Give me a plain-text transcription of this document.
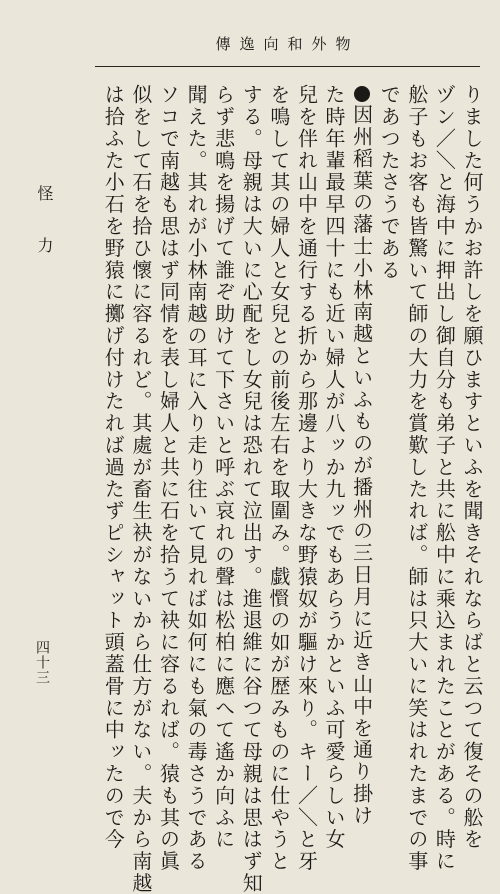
傳逸向和外物
りました何うかお許しを願ひますといふを聞きそれならばと云つて復その舩を
ヅン／＼と海中に押出し御自分も弟子と共に舩中に乘込まれたことがある。時に
舩子もお客も皆驚いて師の大力を賞歎したれば。師は只大いに笑はれたまでの事
であつたさうである
因州稻葉の藩士小林南越といふものが播州の三日月に近き山中を通り掛け
た時年輩最早四十にも近い婦人が八ッか九ッでもあらうかといふ可愛らしい女
兒を伴れ山中を通行する折から那邊より大きな野猿奴が驅け來り。キー／＼と牙
を鳴して其の婦人と女兒との前後左右を取圍み。戯𢤞の如が歴みものに仕やうと
する。母親は大いに心配をし女兒は恐れて泣出す。進退維に谷つて母親は思はず知
らず悲鳴を揚げて誰ぞ助けて下さいと呼ぶ哀れの聲は松柏に應へて遙か向ふに
聞えた。其れが小林南越の耳に入り走り往いて見れば如何にも氣の毒さうである
ソコで南越も思はず同情を表し婦人と共に石を拾うて袂に容るれば。猿も其の眞
似をして石を拾ひ懷に容るれど。其處が畜生袂がないから仕方がない。夫から南越
は拾ふた小石を野猿に擲げ付けたれば過たずピシャット頭蓋骨に中ッたので今
怪力
四十三
